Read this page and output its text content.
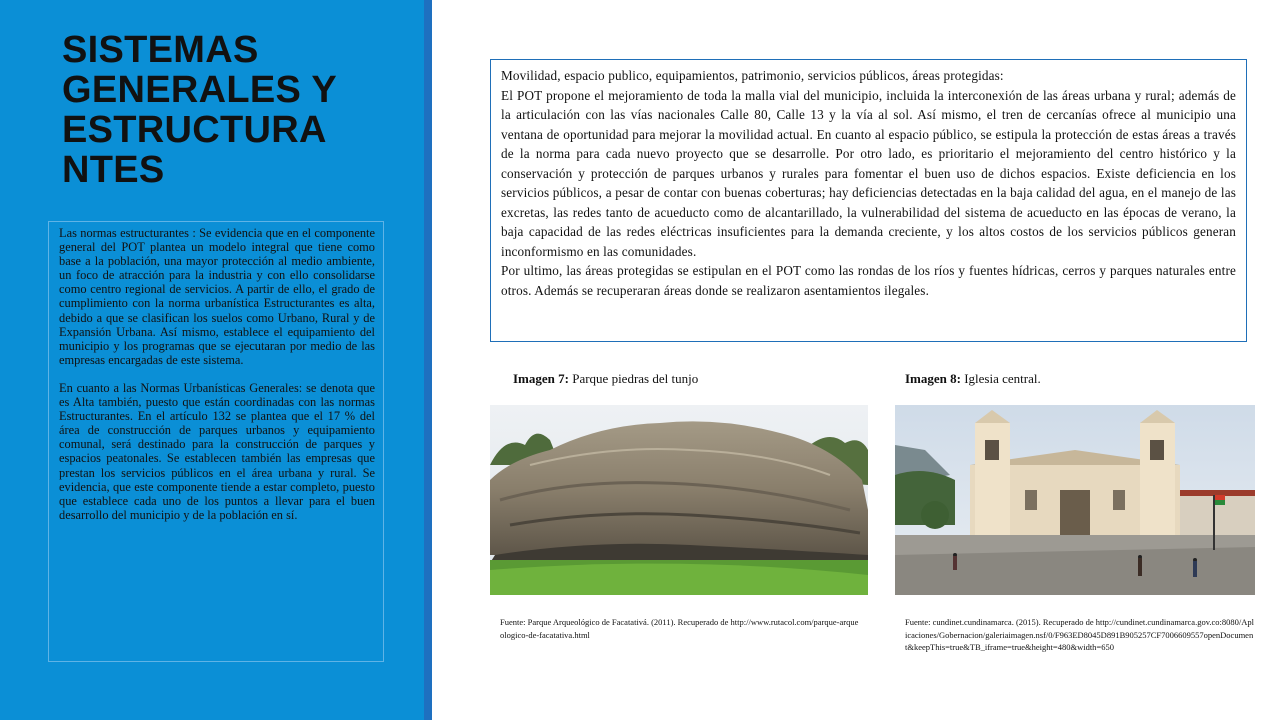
SISTEMAS
GENERALES Y
ESTRUCTURA
NTES

Las normas estructurantes : Se evidencia que en el componente general del POT plantea un modelo integral que tiene como base a la población, una mayor protección al medio ambiente, un foco de atracción para la industria y con ello consolidarse como centro regional de servicios. A partir de ello, el grado de cumplimiento con la norma urbanística Estructurantes es alta, debido a que se clasifican los suelos como Urbano, Rural y de Expansión Urbana. Así mismo, establece el equipamiento del municipio y los programas que se ejecutaran por medio de las empresas encargadas de este sistema.

En cuanto a las Normas Urbanísticas Generales: se denota que es Alta también, puesto que están coordinadas con las normas Estructurantes. En el artículo 132 se plantea que el 17 % del área de construcción de parques urbanos y equipamiento comunal, será destinado para la construcción de parques y espacios peatonales. Se establecen también las empresas que prestan los servicios públicos en el área urbana y rural. Se evidencia, que este componente tiende a estar completo, puesto que establece cada uno de los puntos a llevar para el buen desarrollo del municipio y de la población en sí.

Movilidad, espacio publico, equipamientos, patrimonio, servicios públicos, áreas protegidas:

El POT propone el mejoramiento de toda la malla vial del municipio, incluida la interconexión de las áreas urbana y rural; además de la articulación con las vías nacionales Calle 80, Calle 13 y la vía al sol. Así mismo, el tren de cercanías ofrece al municipio una ventana de oportunidad para mejorar la movilidad actual. En cuanto al espacio público, se estipula la protección de estas áreas a través de la norma para cada nuevo proyecto que se desarrolle. Por otro lado, es prioritario el mejoramiento del centro histórico y la conservación y protección de parques urbanos y rurales para fomentar el buen uso de dichos espacios. Existe deficiencia en los servicios públicos, a pesar de contar con buenas coberturas; hay deficiencias detectadas en la baja calidad del agua, en el manejo de las excretas, las redes tanto de acueducto como de alcantarillado, la vulnerabilidad del sistema de acueducto en las épocas de verano, la baja capacidad de las redes eléctricas insuficientes para la demanda creciente, y los altos costos de los servicios públicos generan inconformismo en las comunidades.

Por ultimo, las áreas protegidas se estipulan en el POT como las rondas de los ríos y fuentes hídricas, cerros y parques naturales entre otros. Además se recuperaran áreas donde se realizaron asentamientos ilegales.

Imagen 7: Parque piedras del tunjo	Imagen 8: Iglesia central.
Fuente: Parque Arqueológico de Facatativá. (2011). Recuperado de http://www.rutacol.com/parque-arqueologico-de-facatativa.html
Fuente: cundinet.cundinamarca. (2015). Recuperado de http://cundinet.cundinamarca.gov.co:8080/Aplicaciones/Gobernacion/galeriaimagen.nsf/0/F963ED8045D891B905257CF7006609557openDocument&keepThis=true&TB_iframe=true&height=480&width=650
